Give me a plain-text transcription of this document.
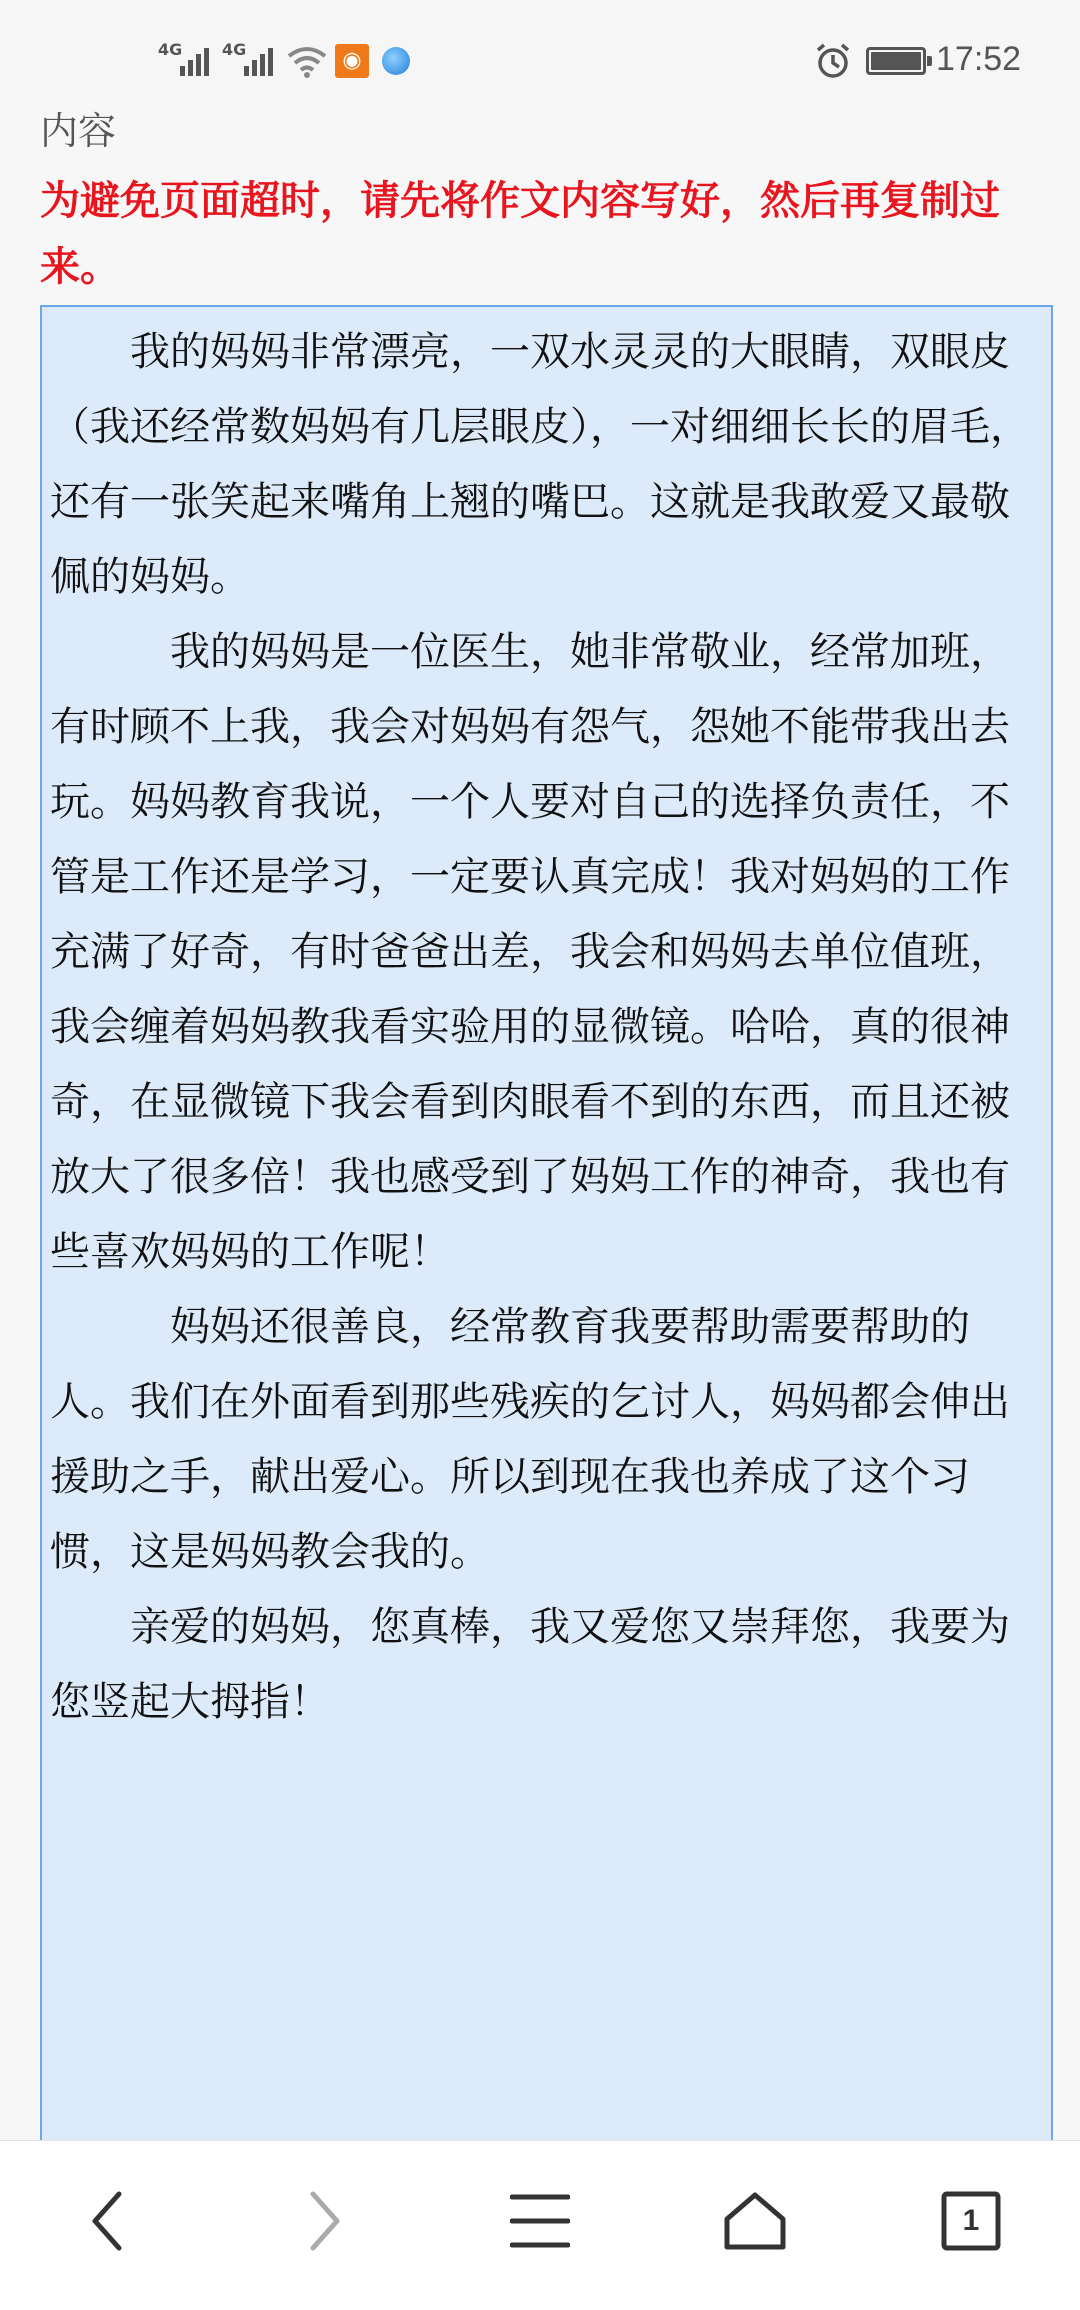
4G 4G	◉	17:52
内容
为避免页面超时，请先将作文内容写好，然后再复制过来。

　　我的妈妈非常漂亮，一双水灵灵的大眼睛，双眼皮（我还经常数妈妈有几层眼皮），一对细细长长的眉毛，还有一张笑起来嘴角上翘的嘴巴。这就是我敢爱又最敬佩的妈妈。

　　　我的妈妈是一位医生，她非常敬业，经常加班，有时顾不上我，我会对妈妈有怨气，怨她不能带我出去玩。妈妈教育我说，一个人要对自己的选择负责任，不管是工作还是学习，一定要认真完成！我对妈妈的工作充满了好奇，有时爸爸出差，我会和妈妈去单位值班，我会缠着妈妈教我看实验用的显微镜。哈哈，真的很神奇，在显微镜下我会看到肉眼看不到的东西，而且还被放大了很多倍！我也感受到了妈妈工作的神奇，我也有些喜欢妈妈的工作呢！

　　　妈妈还很善良，经常教育我要帮助需要帮助的人。我们在外面看到那些残疾的乞讨人，妈妈都会伸出援助之手，献出爱心。所以到现在我也养成了这个习惯，这是妈妈教会我的。

　　亲爱的妈妈，您真棒，我又爱您又崇拜您，我要为您竖起大拇指！

1
